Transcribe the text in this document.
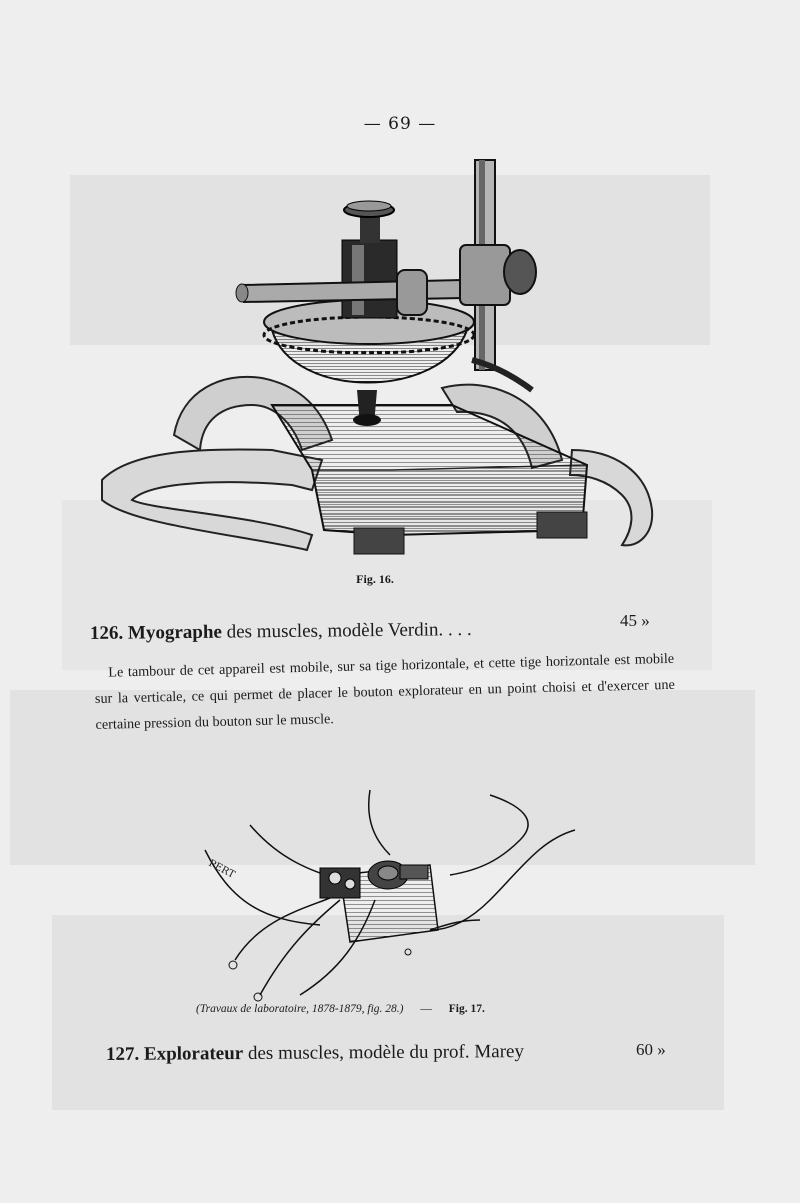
— 69 —
Fig. 16.
126. Myographe des muscles, modèle Verdin. . . .	45 »
Le tambour de cet appareil est mobile, sur sa tige horizontale, et cette tige horizontale est mobile sur la verticale, ce qui permet de placer le bouton explorateur en un point choisi et d'exercer une certaine pression du bouton sur le muscle.
PERT
(Travaux de laboratoire, 1878-1879, fig. 28.) — Fig. 17.
127. Explorateur des muscles, modèle du prof. Marey	60 »
